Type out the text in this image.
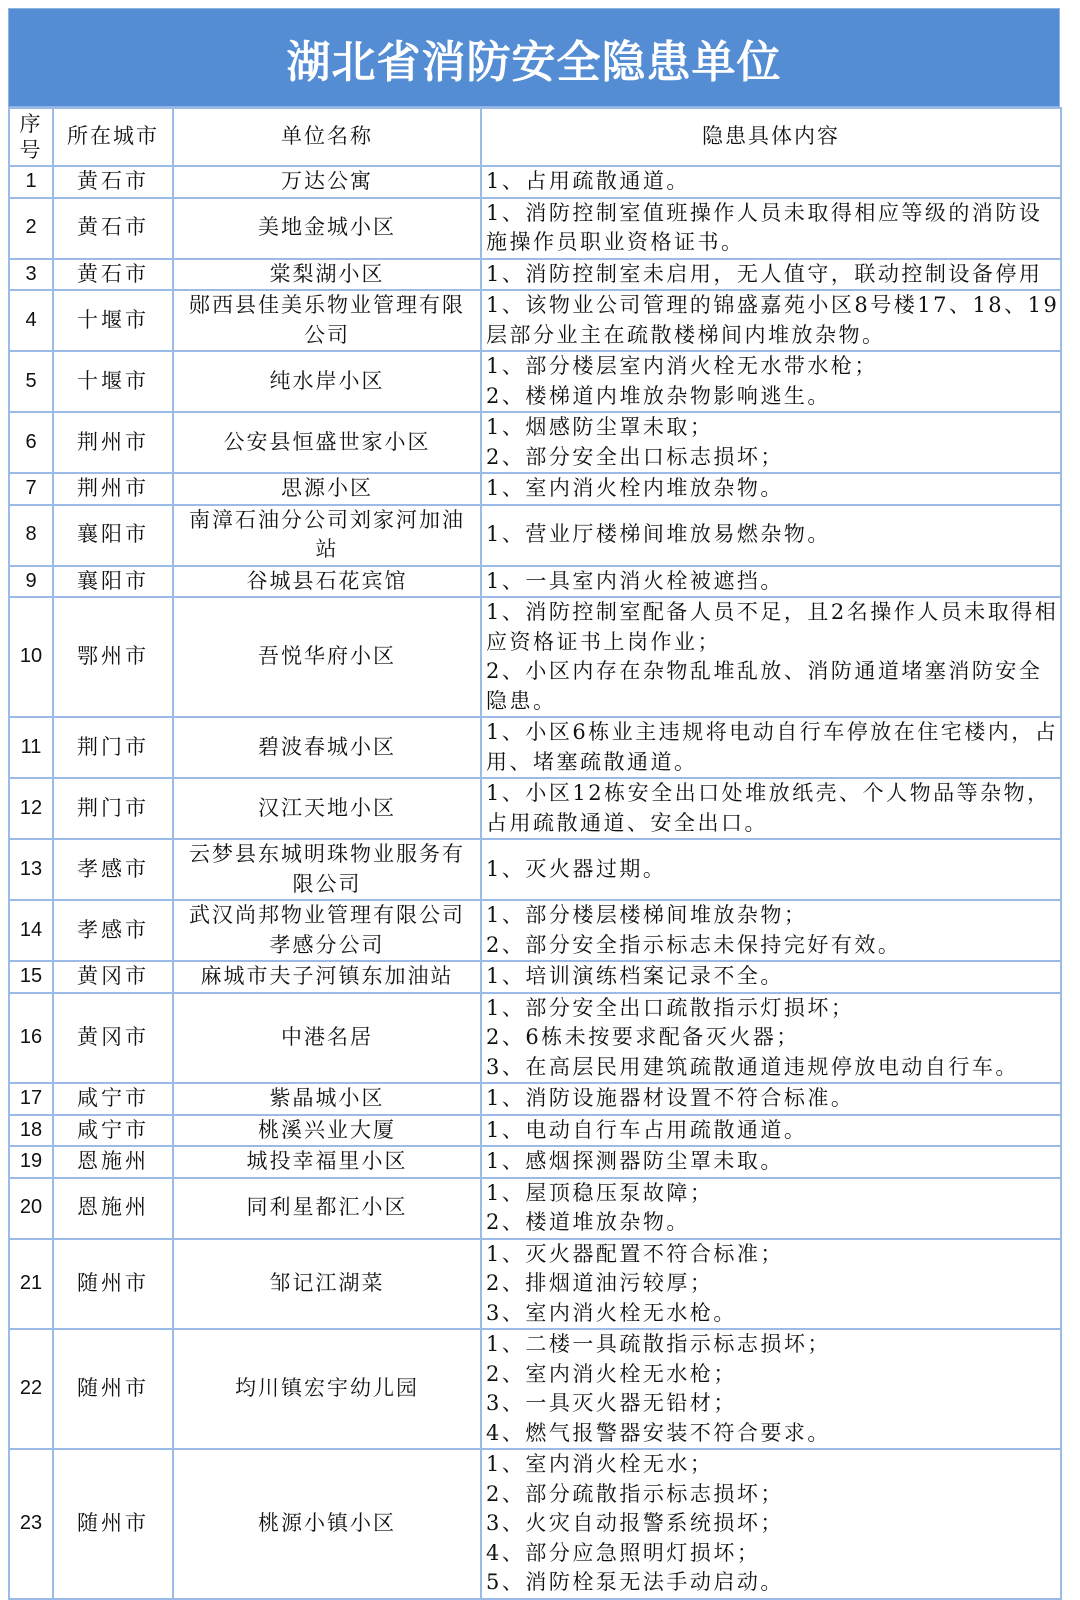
湖北省消防安全隐患单位
序号	所在城市	单位名称	隐患具体内容
1	黄石市	万达公寓	1、占用疏散通道。

2	黄石市	美地金城小区	1、消防控制室值班操作人员未取得相应等级的消防设施操作员职业资格证书。

3	黄石市	棠梨湖小区	1、消防控制室未启用，无人值守，联动控制设备停用

4	十堰市	郧西县佳美乐物业管理有限公司	1、该物业公司管理的锦盛嘉苑小区8号楼17、18、19层部分业主在疏散楼梯间内堆放杂物。

5	十堰市	纯水岸小区	1、部分楼层室内消火栓无水带水枪；
2、楼梯道内堆放杂物影响逃生。

6	荆州市	公安县恒盛世家小区	1、烟感防尘罩未取；
2、部分安全出口标志损坏；

7	荆州市	思源小区	1、室内消火栓内堆放杂物。

8	襄阳市	南漳石油分公司刘家河加油站	1、营业厅楼梯间堆放易燃杂物。

9	襄阳市	谷城县石花宾馆	1、一具室内消火栓被遮挡。

10	鄂州市	吾悦华府小区	1、消防控制室配备人员不足，且2名操作人员未取得相应资格证书上岗作业；
2、小区内存在杂物乱堆乱放、消防通道堵塞消防安全隐患。

11	荆门市	碧波春城小区	1、小区6栋业主违规将电动自行车停放在住宅楼内，占用、堵塞疏散通道。

12	荆门市	汉江天地小区	1、小区12栋安全出口处堆放纸壳、个人物品等杂物，占用疏散通道、安全出口。

13	孝感市	云梦县东城明珠物业服务有限公司	1、灭火器过期。

14	孝感市	武汉尚邦物业管理有限公司孝感分公司	1、部分楼层楼梯间堆放杂物；
2、部分安全指示标志未保持完好有效。

15	黄冈市	麻城市夫子河镇东加油站	1、培训演练档案记录不全。

16	黄冈市	中港名居	1、部分安全出口疏散指示灯损坏；
2、6栋未按要求配备灭火器；
3、在高层民用建筑疏散通道违规停放电动自行车。

17	咸宁市	紫晶城小区	1、消防设施器材设置不符合标准。

18	咸宁市	桃溪兴业大厦	1、电动自行车占用疏散通道。

19	恩施州	城投幸福里小区	1、感烟探测器防尘罩未取。

20	恩施州	同利星都汇小区	1、屋顶稳压泵故障；
2、楼道堆放杂物。

21	随州市	邹记江湖菜	1、灭火器配置不符合标准；
2、排烟道油污较厚；
3、室内消火栓无水枪。

22	随州市	均川镇宏宇幼儿园	1、二楼一具疏散指示标志损坏；
2、室内消火栓无水枪；
3、一具灭火器无铅材；
4、燃气报警器安装不符合要求。

23	随州市	桃源小镇小区	1、室内消火栓无水；
2、部分疏散指示标志损坏；
3、火灾自动报警系统损坏；
4、部分应急照明灯损坏；
5、消防栓泵无法手动启动。
